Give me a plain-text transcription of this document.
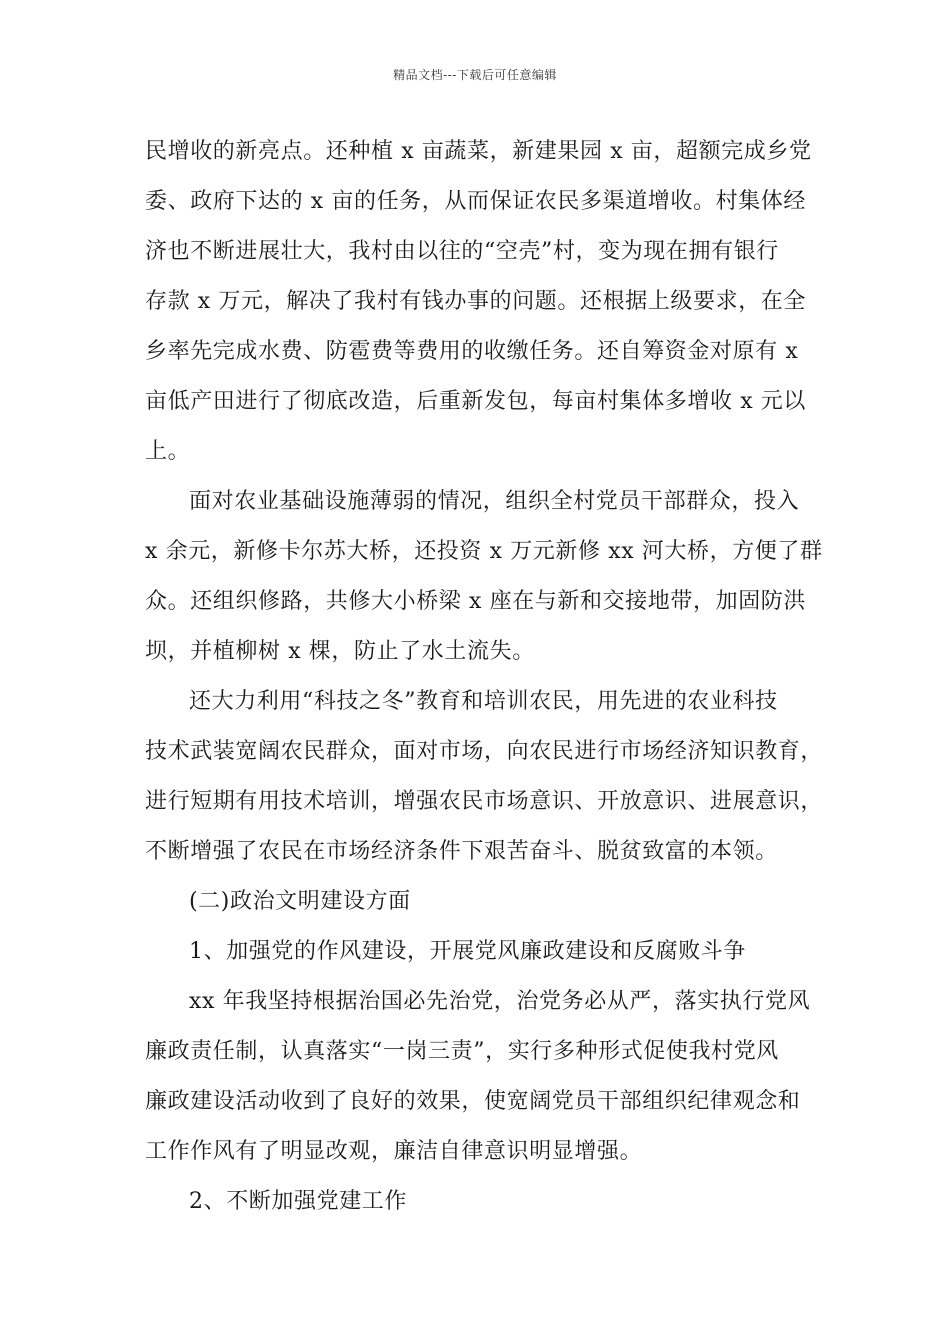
精品文档---下载后可任意编辑
民增收的新亮点。还种植 x 亩蔬菜，新建果园 x 亩，超额完成乡党
委、政府下达的 x 亩的任务，从而保证农民多渠道增收。村集体经
济也不断进展壮大，我村由以往的“空壳”村，变为现在拥有银行
存款 x 万元，解决了我村有钱办事的问题。还根据上级要求，在全
乡率先完成水费、防雹费等费用的收缴任务。还自筹资金对原有 x
亩低产田进行了彻底改造，后重新发包，每亩村集体多增收 x 元以
上。
面对农业基础设施薄弱的情况，组织全村党员干部群众，投入
x 余元，新修卡尔苏大桥，还投资 x 万元新修 xx 河大桥，方便了群
众。还组织修路，共修大小桥梁 x 座在与新和交接地带，加固防洪
坝，并植柳树 x 棵，防止了水土流失。
还大力利用“科技之冬”教育和培训农民，用先进的农业科技
技术武装宽阔农民群众，面对市场，向农民进行市场经济知识教育，
进行短期有用技术培训，增强农民市场意识、开放意识、进展意识，
不断增强了农民在市场经济条件下艰苦奋斗、脱贫致富的本领。
(二)政治文明建设方面
1、加强党的作风建设，开展党风廉政建设和反腐败斗争
xx 年我坚持根据治国必先治党，治党务必从严，落实执行党风
廉政责任制，认真落实“一岗三责”，实行多种形式促使我村党风
廉政建设活动收到了良好的效果，使宽阔党员干部组织纪律观念和
工作作风有了明显改观，廉洁自律意识明显增强。
2、不断加强党建工作
